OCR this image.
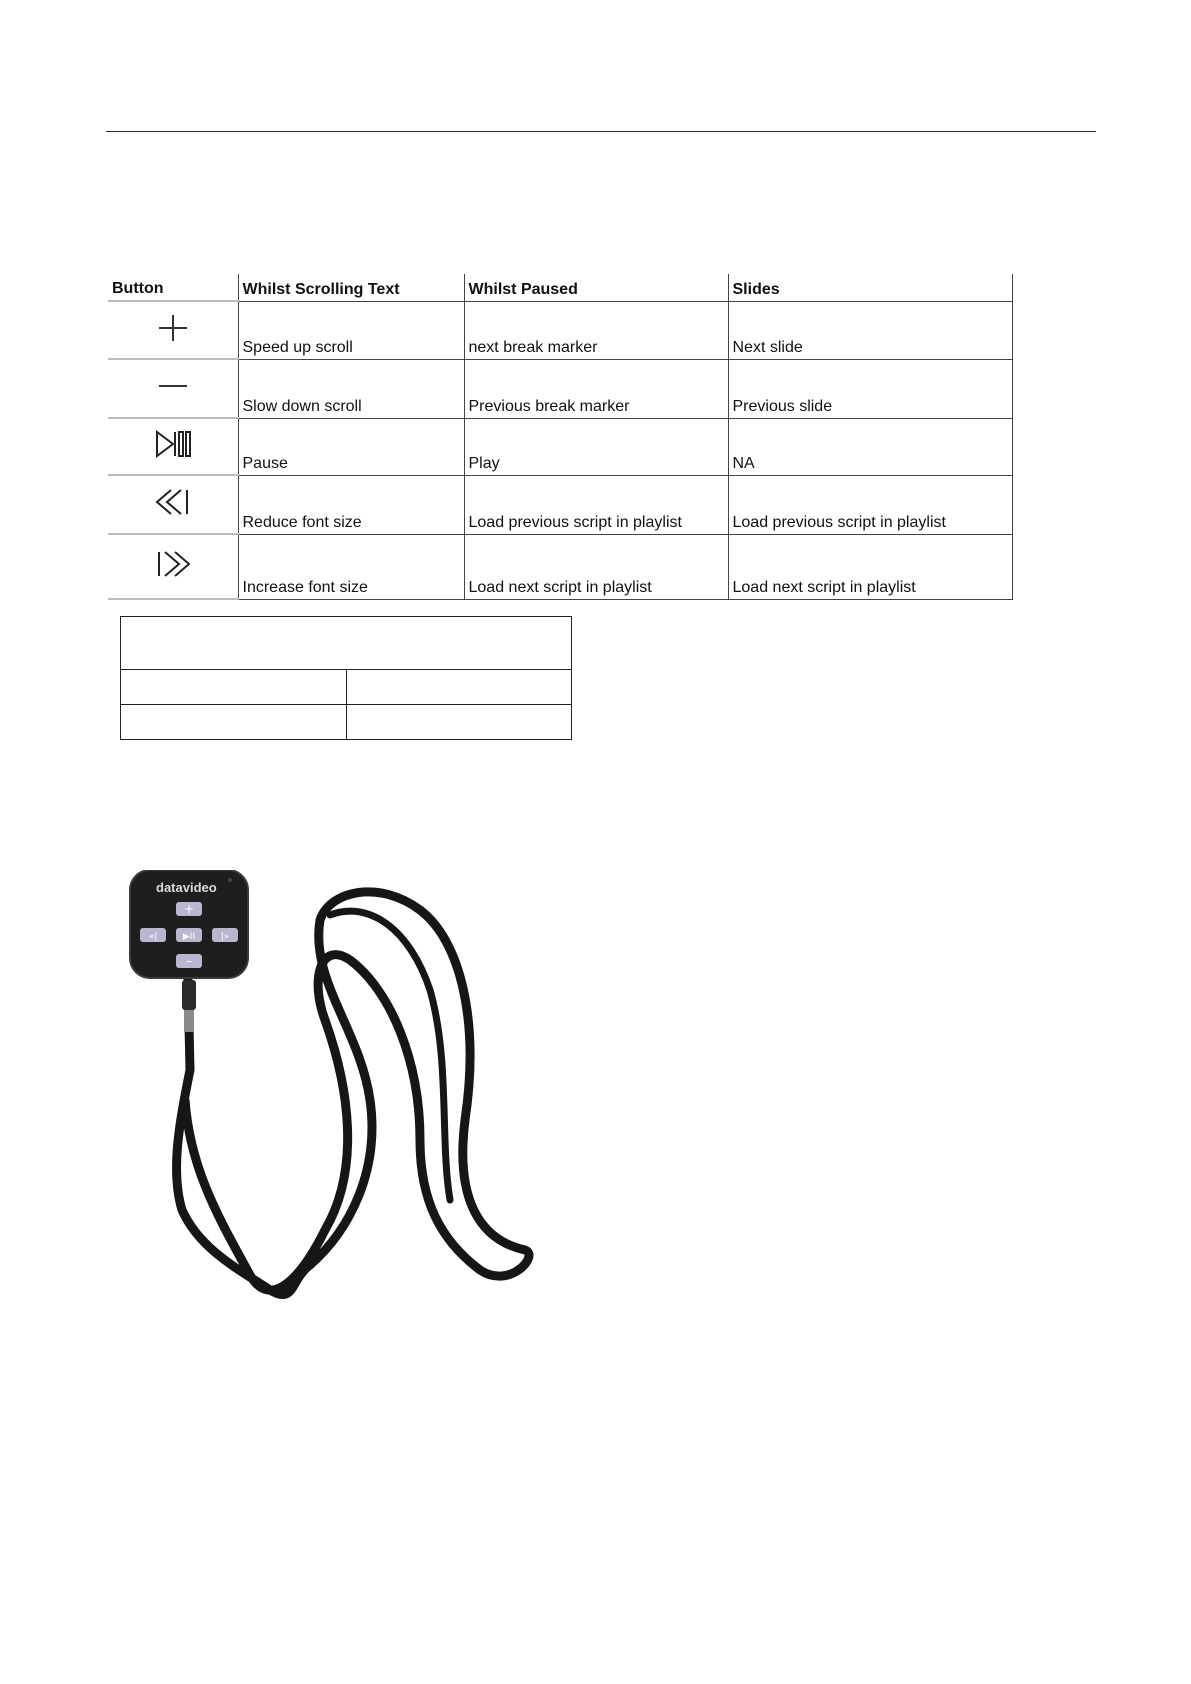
Button	Whilst Scrolling Text	Whilst Paused	Slides
	Speed up scroll	next break marker	Next slide
	Slow down scroll	Previous break marker	Previous slide
	Pause	Play	NA
	Reduce font size	Load previous script in playlist	Load previous script in playlist
	Increase font size	Load next script in playlist	Load next script in playlist

datavideo
+
«|	▶II	|»
–
